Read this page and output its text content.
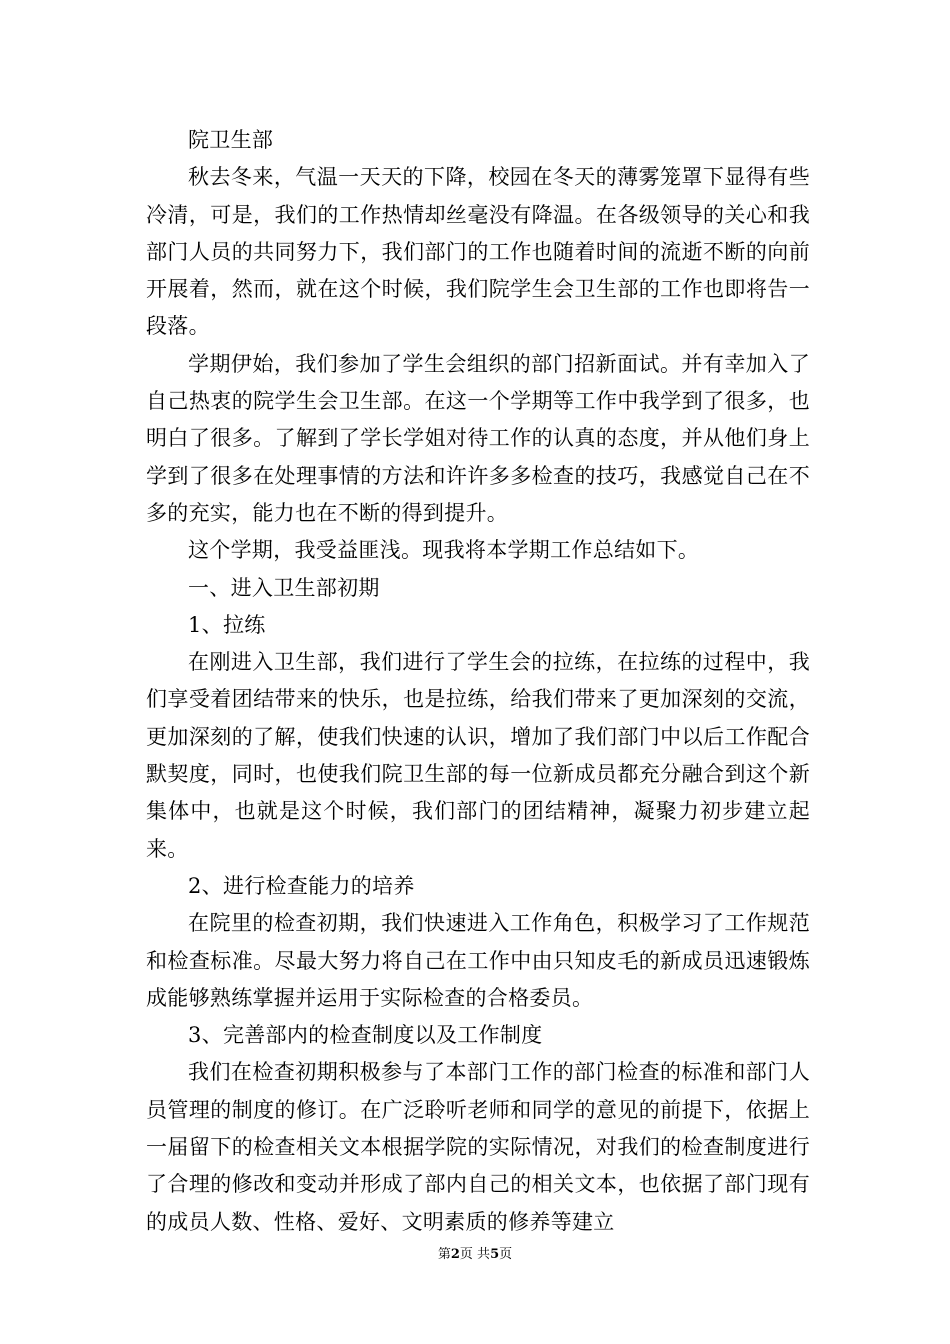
院卫生部

秋去冬来，气温一天天的下降，校园在冬天的薄雾笼罩下显得有些冷清，可是，我们的工作热情却丝毫没有降温。在各级领导的关心和我部门人员的共同努力下，我们部门的工作也随着时间的流逝不断的向前开展着，然而，就在这个时候，我们院学生会卫生部的工作也即将告一段落。

学期伊始，我们参加了学生会组织的部门招新面试。并有幸加入了自己热衷的院学生会卫生部。在这一个学期等工作中我学到了很多，也明白了很多。了解到了学长学姐对待工作的认真的态度，并从他们身上学到了很多在处理事情的方法和许许多多检查的技巧，我感觉自己在不多的充实，能力也在不断的得到提升。

这个学期，我受益匪浅。现我将本学期工作总结如下。

一、进入卫生部初期

1、拉练

在刚进入卫生部，我们进行了学生会的拉练，在拉练的过程中，我们享受着团结带来的快乐，也是拉练，给我们带来了更加深刻的交流，更加深刻的了解，使我们快速的认识，增加了我们部门中以后工作配合默契度，同时，也使我们院卫生部的每一位新成员都充分融合到这个新集体中，也就是这个时候，我们部门的团结精神，凝聚力初步建立起来。

2、进行检查能力的培养

在院里的检查初期，我们快速进入工作角色，积极学习了工作规范和检查标准。尽最大努力将自己在工作中由只知皮毛的新成员迅速锻炼成能够熟练掌握并运用于实际检查的合格委员。

3、完善部内的检查制度以及工作制度

我们在检查初期积极参与了本部门工作的部门检查的标准和部门人员管理的制度的修订。在广泛聆听老师和同学的意见的前提下，依据上一届留下的检查相关文本根据学院的实际情况，对我们的检查制度进行了合理的修改和变动并形成了部内自己的相关文本，也依据了部门现有的成员人数、性格、爱好、文明素质的修养等建立

第2页 共5页
